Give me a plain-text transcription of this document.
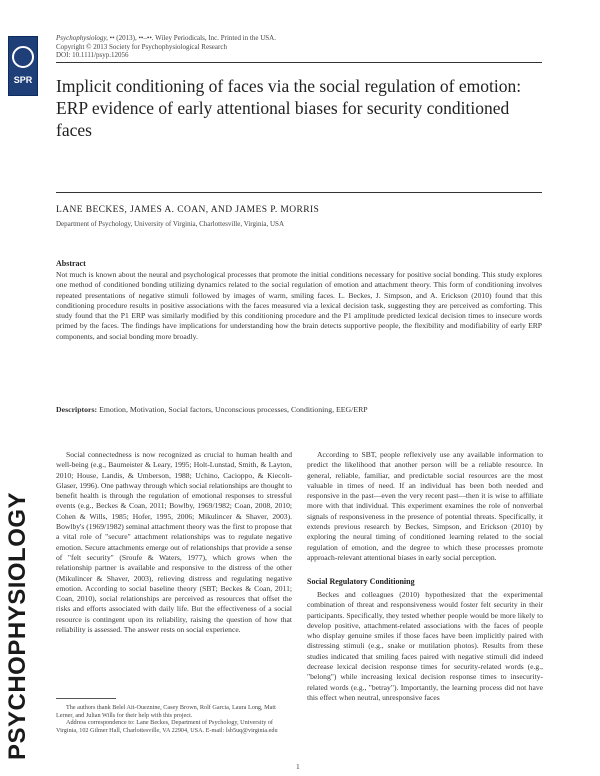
SPR
PSYCHOPHYSIOLOGY
Psychophysiology, •• (2013), ••–••. Wiley Periodicals, Inc. Printed in the USA.
Copyright © 2013 Society for Psychophysiological Research
DOI: 10.1111/psyp.12056
Implicit conditioning of faces via the social regulation of emotion: ERP evidence of early attentional biases for security conditioned faces
LANE BECKES, JAMES A. COAN, AND JAMES P. MORRIS
Department of Psychology, University of Virginia, Charlottesville, Virginia, USA
Abstract
Not much is known about the neural and psychological processes that promote the initial conditions necessary for positive social bonding. This study explores one method of conditioned bonding utilizing dynamics related to the social regulation of emotion and attachment theory. This form of conditioning involves repeated presentations of negative stimuli followed by images of warm, smiling faces. L. Beckes, J. Simpson, and A. Erickson (2010) found that this conditioning procedure results in positive associations with the faces measured via a lexical decision task, suggesting they are perceived as comforting. This study found that the P1 ERP was similarly modified by this conditioning procedure and the P1 amplitude predicted lexical decision times to insecure words primed by the faces. The findings have implications for understanding how the brain detects supportive people, the flexibility and modifiability of early ERP components, and social bonding more broadly.
Descriptors: Emotion, Motivation, Social factors, Unconscious processes, Conditioning, EEG/ERP

Social connectedness is now recognized as crucial to human health and well-being (e.g., Baumeister & Leary, 1995; Holt-Lunstad, Smith, & Layton, 2010; House, Landis, & Umberson, 1988; Uchino, Cacioppo, & Kiecolt-Glaser, 1996). One pathway through which social relationships are thought to benefit health is through the regulation of emotional responses to stressful events (e.g., Beckes & Coan, 2011; Bowlby, 1969/1982; Coan, 2008, 2010; Cohen & Wills, 1985; Hofer, 1995, 2006; Mikulincer & Shaver, 2003). Bowlby's (1969/1982) seminal attachment theory was the first to propose that a vital role of "secure" attachment relationships was to regulate negative emotion. Secure attachments emerge out of relationships that provide a sense of "felt security" (Sroufe & Waters, 1977), which grows when the relationship partner is available and responsive to the distress of the other (Mikulincer & Shaver, 2003), relieving distress and regulating negative emotion. According to social baseline theory (SBT; Beckes & Coan, 2011; Coan, 2010), social relationships are perceived as resources that offset the risks and efforts associated with daily life. But the effectiveness of a social resource is contingent upon its reliability, raising the question of how that reliability is assessed. The answer rests on social experience.

According to SBT, people reflexively use any available information to predict the likelihood that another person will be a reliable resource. In general, reliable, familiar, and predictable social resources are the most valuable in times of need. If an individual has been both needed and responsive in the past—even the very recent past—then it is wise to affiliate more with that individual. This experiment examines the role of nonverbal signals of responsiveness in the presence of potential threats. Specifically, it extends previous research by Beckes, Simpson, and Erickson (2010) by exploring the neural timing of conditioned learning related to the social regulation of emotion, and the degree to which these processes promote approach-relevant attentional biases in early social perception.

Social Regulatory Conditioning

Beckes and colleagues (2010) hypothesized that the experimental combination of threat and responsiveness would foster felt security in their participants. Specifically, they tested whether people would be more likely to develop positive, attachment-related associations with the faces of people who display genuine smiles if those faces have been implicitly paired with distressing stimuli (e.g., snake or mutilation photos). Results from these studies indicated that smiling faces paired with negative stimuli did indeed decrease lexical decision response times for security-related words (e.g., "belong") while increasing lexical decision response times to insecurity-related words (e.g., "betray"). Importantly, the learning process did not have this effect when neutral, unresponsive faces

The authors thank Belel Ait-Oueznine, Casey Brown, Rolf Garcia, Laura Long, Matt Lerner, and Julian Wills for their help with this project.

Address correspondence to: Lane Beckes, Department of Psychology, University of Virginia, 102 Gilmer Hall, Charlottesville, VA 22904, USA. E-mail: lsb5uq@virginia.edu

1
